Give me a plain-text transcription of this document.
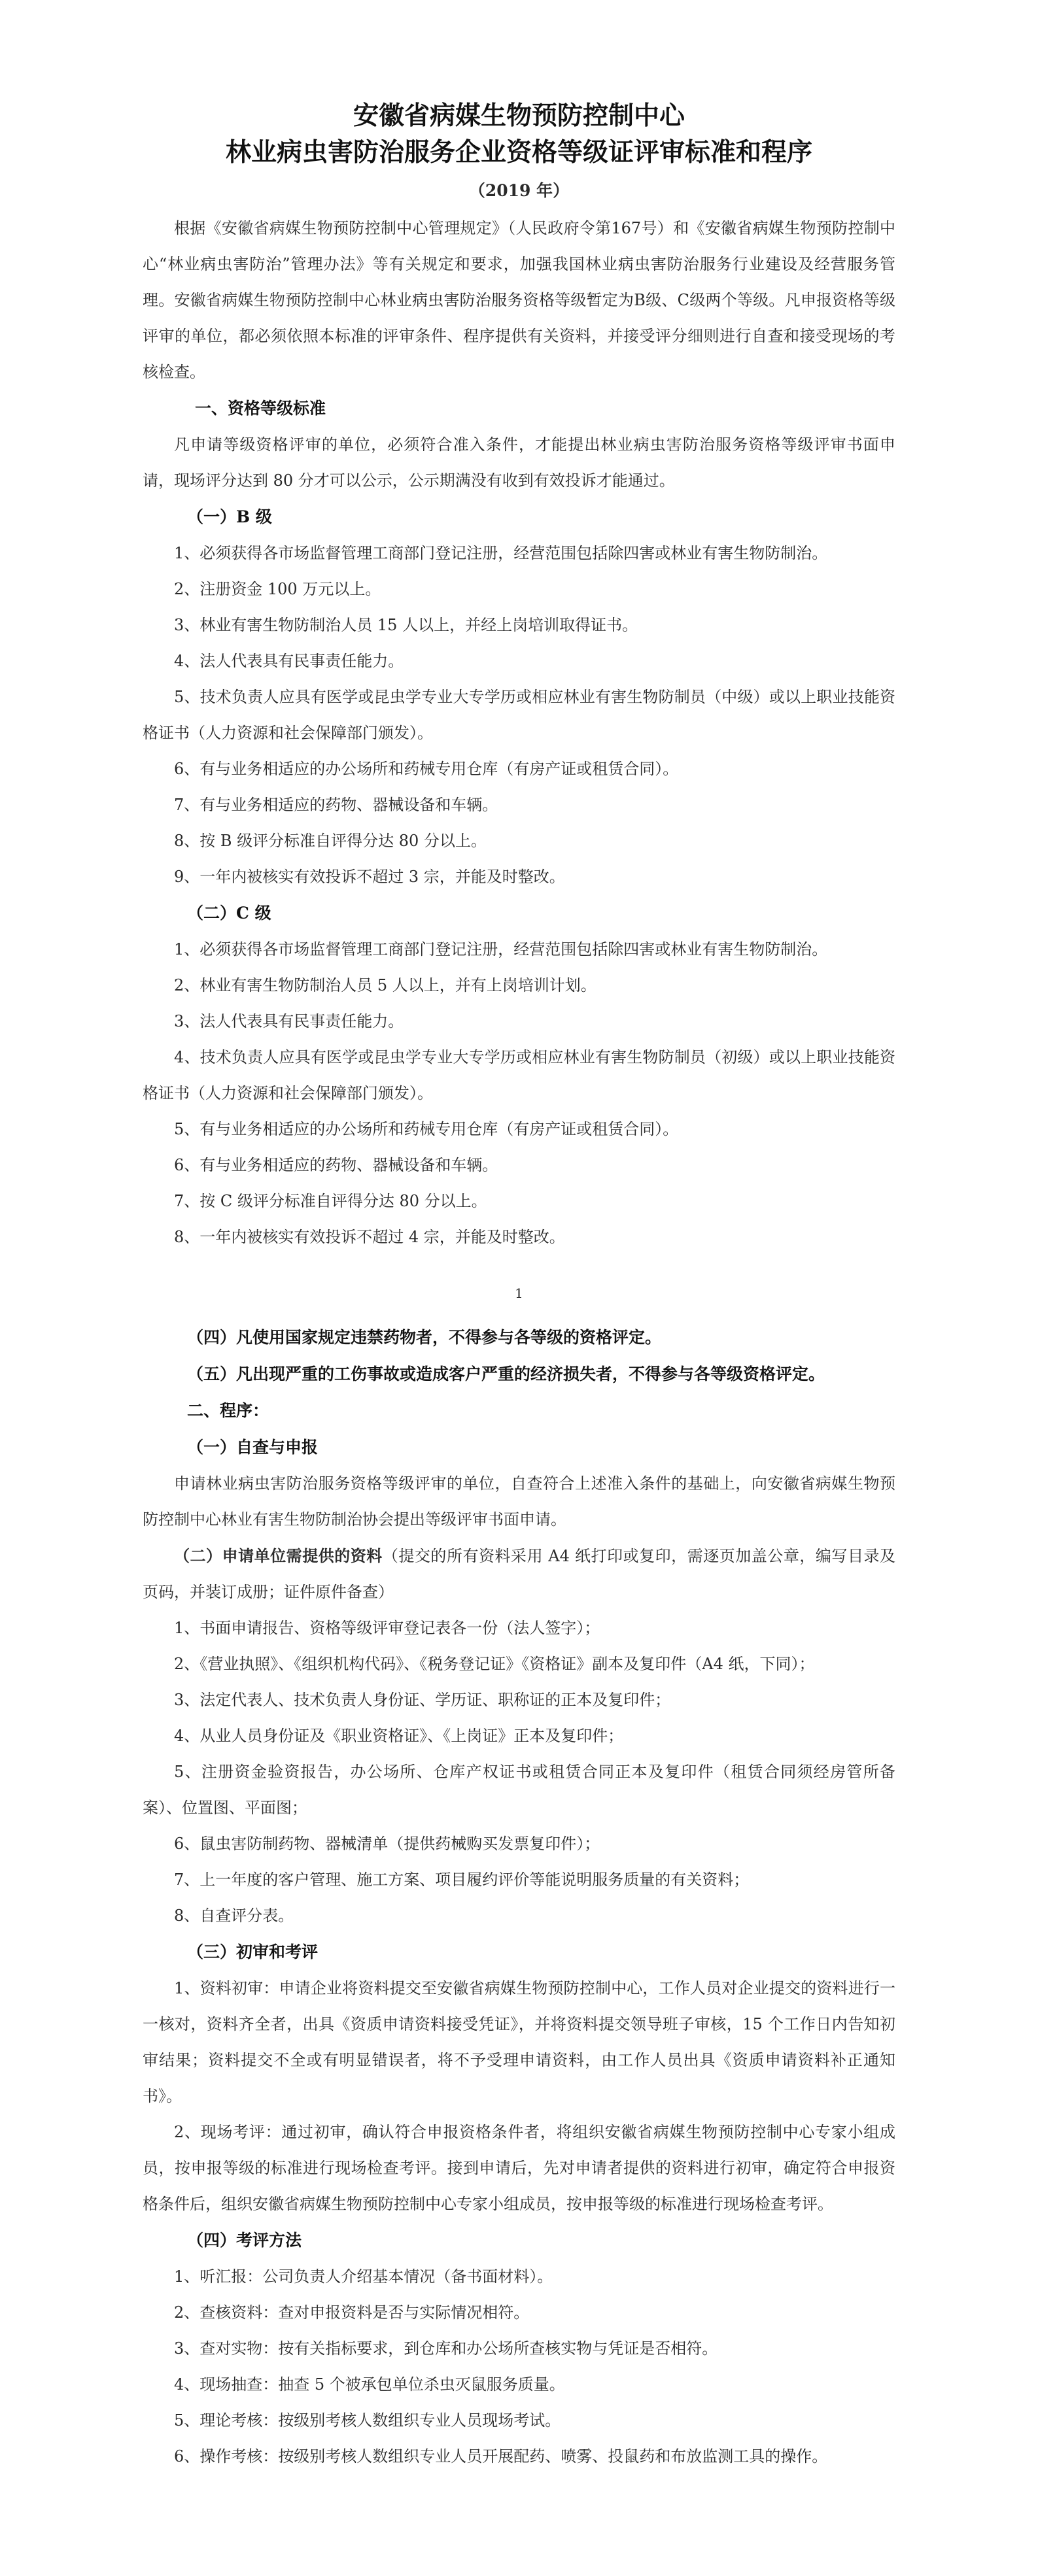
安徽省病媒生物预防控制中心
林业病虫害防治服务企业资格等级证评审标准和程序
（2019 年）

根据《安徽省病媒生物预防控制中心管理规定》（人民政府令第167号）和《安徽省病媒生物预防控制中心“林业病虫害防治”管理办法》等有关规定和要求，加强我国林业病虫害防治服务行业建设及经营服务管理。安徽省病媒生物预防控制中心林业病虫害防治服务资格等级暂定为B级、C级两个等级。凡申报资格等级评审的单位，都必须依照本标准的评审条件、程序提供有关资料，并接受评分细则进行自查和接受现场的考核检查。

一、资格等级标准

凡申请等级资格评审的单位，必须符合准入条件，才能提出林业病虫害防治服务资格等级评审书面申请，现场评分达到 80 分才可以公示，公示期满没有收到有效投诉才能通过。

（一）B 级

1、必须获得各市场监督管理工商部门登记注册，经营范围包括除四害或林业有害生物防制治。

2、注册资金 100 万元以上。

3、林业有害生物防制治人员 15 人以上，并经上岗培训取得证书。

4、法人代表具有民事责任能力。

5、技术负责人应具有医学或昆虫学专业大专学历或相应林业有害生物防制员（中级）或以上职业技能资格证书（人力资源和社会保障部门颁发）。

6、有与业务相适应的办公场所和药械专用仓库（有房产证或租赁合同）。

7、有与业务相适应的药物、器械设备和车辆。

8、按 B 级评分标准自评得分达 80 分以上。

9、一年内被核实有效投诉不超过 3 宗，并能及时整改。

（二）C 级

1、必须获得各市场监督管理工商部门登记注册，经营范围包括除四害或林业有害生物防制治。

2、林业有害生物防制治人员 5 人以上，并有上岗培训计划。

3、法人代表具有民事责任能力。

4、技术负责人应具有医学或昆虫学专业大专学历或相应林业有害生物防制员（初级）或以上职业技能资格证书（人力资源和社会保障部门颁发）。

5、有与业务相适应的办公场所和药械专用仓库（有房产证或租赁合同）。

6、有与业务相适应的药物、器械设备和车辆。

7、按 C 级评分标准自评得分达 80 分以上。

8、一年内被核实有效投诉不超过 4 宗，并能及时整改。

1

（四）凡使用国家规定违禁药物者，不得参与各等级的资格评定。

（五）凡出现严重的工伤事故或造成客户严重的经济损失者，不得参与各等级资格评定。

二、程序：
（一）自查与申报

申请林业病虫害防治服务资格等级评审的单位，自查符合上述准入条件的基础上，向安徽省病媒生物预防控制中心林业有害生物防制治协会提出等级评审书面申请。

（二）申请单位需提供的资料（提交的所有资料采用 A4 纸打印或复印，需逐页加盖公章，编写目录及页码，并装订成册；证件原件备查）

1、书面申请报告、资格等级评审登记表各一份（法人签字）；

2、《营业执照》、《组织机构代码》、《税务登记证》《资格证》副本及复印件（A4 纸，下同）；

3、法定代表人、技术负责人身份证、学历证、职称证的正本及复印件；

4、从业人员身份证及《职业资格证》、《上岗证》正本及复印件；

5、注册资金验资报告，办公场所、仓库产权证书或租赁合同正本及复印件（租赁合同须经房管所备案）、位置图、平面图；

6、鼠虫害防制药物、器械清单（提供药械购买发票复印件）；

7、上一年度的客户管理、施工方案、项目履约评价等能说明服务质量的有关资料；

8、自查评分表。

（三）初审和考评

1、资料初审：申请企业将资料提交至安徽省病媒生物预防控制中心，工作人员对企业提交的资料进行一一核对，资料齐全者，出具《资质申请资料接受凭证》，并将资料提交领导班子审核，15 个工作日内告知初审结果；资料提交不全或有明显错误者，将不予受理申请资料，由工作人员出具《资质申请资料补正通知书》。

2、现场考评：通过初审，确认符合申报资格条件者，将组织安徽省病媒生物预防控制中心专家小组成员，按申报等级的标准进行现场检查考评。接到申请后，先对申请者提供的资料进行初审，确定符合申报资格条件后，组织安徽省病媒生物预防控制中心专家小组成员，按申报等级的标准进行现场检查考评。

（四）考评方法

1、听汇报：公司负责人介绍基本情况（备书面材料）。

2、查核资料：查对申报资料是否与实际情况相符。

3、查对实物：按有关指标要求，到仓库和办公场所查核实物与凭证是否相符。

4、现场抽查：抽查 5 个被承包单位杀虫灭鼠服务质量。

5、理论考核：按级别考核人数组织专业人员现场考试。

6、操作考核：按级别考核人数组织专业人员开展配药、喷雾、投鼠药和布放监测工具的操作。
